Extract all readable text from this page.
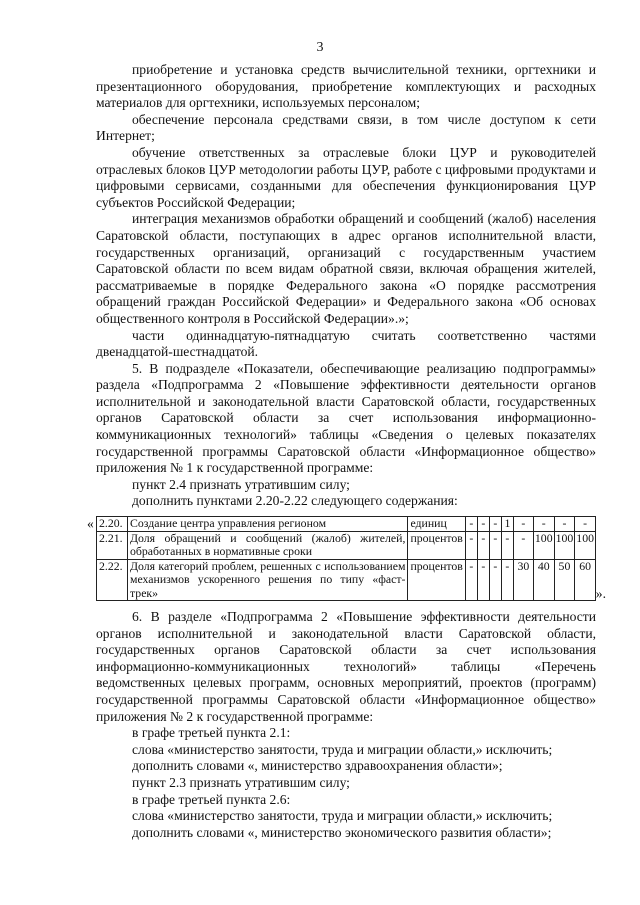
3

приобретение и установка средств вычислительной техники, оргтехники и презентационного оборудования, приобретение комплектующих и расходных материалов для оргтехники, используемых персоналом;

обеспечение персонала средствами связи, в том числе доступом к сети Интернет;

обучение ответственных за отраслевые блоки ЦУР и руководителей отраслевых блоков ЦУР методологии работы ЦУР, работе с цифровыми продуктами и цифровыми сервисами, созданными для обеспечения функционирования ЦУР субъектов Российской Федерации;

интеграция механизмов обработки обращений и сообщений (жалоб) населения Саратовской области, поступающих в адрес органов исполнительной власти, государственных организаций, организаций с государственным участием Саратовской области по всем видам обратной связи, включая обращения жителей, рассматриваемые в порядке Федерального закона «О порядке рассмотрения обращений граждан Российской Федерации» и Федерального закона «Об основах общественного контроля в Российской Федерации».»;

части одиннадцатую-пятнадцатую считать соответственно частями двенадцатой-шестнадцатой.

5. В подразделе «Показатели, обеспечивающие реализацию подпрограммы» раздела «Подпрограмма 2 «Повышение эффективности деятельности органов исполнительной и законодательной власти Саратовской области, государственных органов Саратовской области за счет использования информационно-коммуникационных технологий» таблицы «Сведения о целевых показателях государственной программы Саратовской области «Информационное общество» приложения № 1 к государственной программе:

пункт 2.4 признать утратившим силу;

дополнить пунктами 2.20-2.22 следующего содержания:

« 2.20.	Создание центра управления регионом	единиц	-	-	-	1	-	-	-	-
2.21.	Доля обращений и сообщений (жалоб) жителей, обработанных в нормативные сроки	процентов	-	-	-	-	-	100	100	100
2.22.	Доля категорий проблем, решенных с использованием механизмов ускоренного решения по типу «фаст-трек»	процентов	-	-	-	-	30	40	50	60
».

6. В разделе «Подпрограмма 2 «Повышение эффективности деятельности органов исполнительной и законодательной власти Саратовской области, государственных органов Саратовской области за счет использования информационно-коммуникационных технологий» таблицы «Перечень ведомственных целевых программ, основных мероприятий, проектов (программ) государственной программы Саратовской области «Информационное общество» приложения № 2 к государственной программе:

в графе третьей пункта 2.1:

слова «министерство занятости, труда и миграции области,» исключить;

дополнить словами «, министерство здравоохранения области»;

пункт 2.3 признать утратившим силу;

в графе третьей пункта 2.6:

слова «министерство занятости, труда и миграции области,» исключить;

дополнить словами «, министерство экономического развития области»;
